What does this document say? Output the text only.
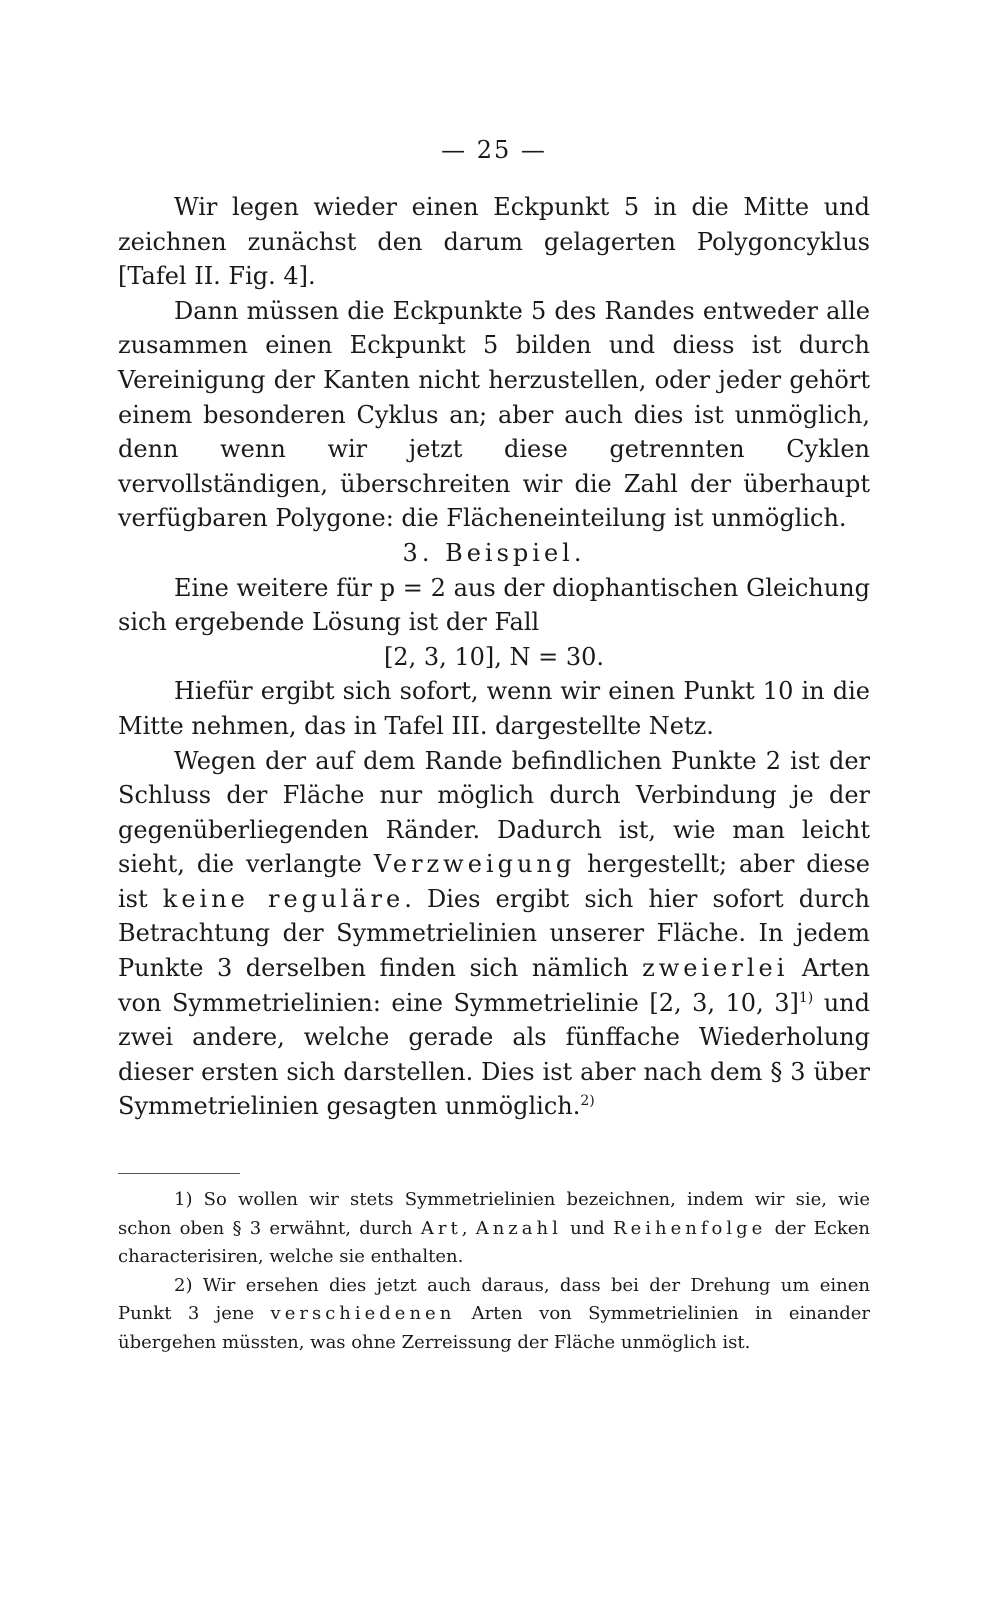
— 25 —

Wir legen wieder einen Eckpunkt 5 in die Mitte und zeichnen zunächst den darum gelagerten Polygoncyklus [Tafel II. Fig. 4].

Dann müssen die Eckpunkte 5 des Randes entweder alle zusammen einen Eckpunkt 5 bilden und diess ist durch Vereinigung der Kanten nicht herzustellen, oder jeder gehört einem besonderen Cyklus an; aber auch dies ist unmöglich, denn wenn wir jetzt diese getrennten Cyklen vervollständigen, überschreiten wir die Zahl der überhaupt verfügbaren Polygone: die Flächeneinteilung ist unmöglich.

3. Beispiel.

Eine weitere für p = 2 aus der diophantischen Gleichung sich ergebende Lösung ist der Fall

[2, 3, 10], N = 30.

Hiefür ergibt sich sofort, wenn wir einen Punkt 10 in die Mitte nehmen, das in Tafel III. dargestellte Netz.

Wegen der auf dem Rande befindlichen Punkte 2 ist der Schluss der Fläche nur möglich durch Verbindung je der gegenüberliegenden Ränder. Dadurch ist, wie man leicht sieht, die verlangte Verzweigung hergestellt; aber diese ist keine reguläre. Dies ergibt sich hier sofort durch Betrachtung der Symmetrielinien unserer Fläche. In jedem Punkte 3 derselben finden sich nämlich zweierlei Arten von Symmetrielinien: eine Symmetrielinie [2, 3, 10, 3]$^{1)}$ und zwei andere, welche gerade als fünffache Wiederholung dieser ersten sich darstellen. Dies ist aber nach dem § 3 über Symmetrielinien gesagten unmöglich.$^{2)}$

1) So wollen wir stets Symmetrielinien bezeichnen, indem wir sie, wie schon oben § 3 erwähnt, durch Art, Anzahl und Reihenfolge der Ecken characterisiren, welche sie enthalten.

2) Wir ersehen dies jetzt auch daraus, dass bei der Drehung um einen Punkt 3 jene verschiedenen Arten von Symmetrielinien in einander übergehen müssten, was ohne Zerreissung der Fläche unmöglich ist.
